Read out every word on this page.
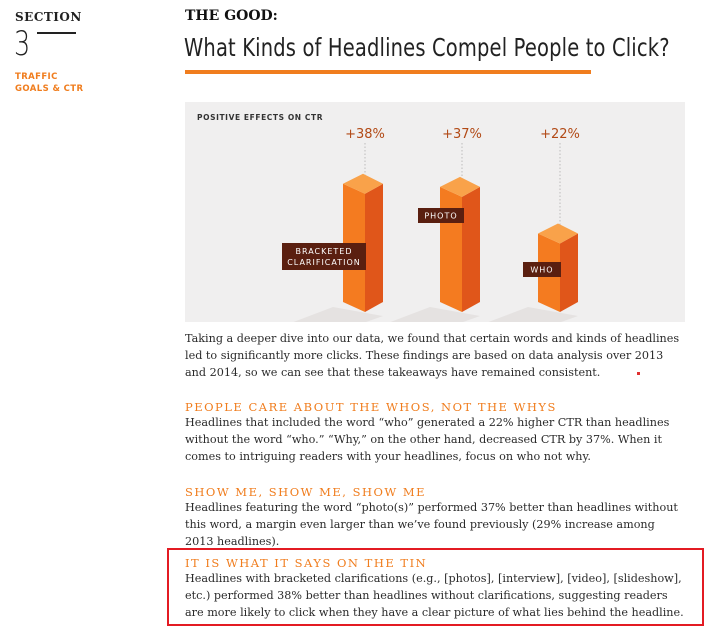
SECTION
3
TRAFFIC
GOALS & CTR
THE GOOD:
What Kinds of Headlines Compel People to Click?
POSITIVE EFFECTS ON CTR
+38%
BRACKETED
CLARIFICATION
+37%
PHOTO
+22%
WHO

Taking a deeper dive into our data, we found that certain words and kinds of headlines led to significantly more clicks. These findings are based on data analysis over 2013 and 2014, so we can see that these takeaways have remained consistent.

PEOPLE CARE ABOUT THE WHOS, NOT THE WHYS

Headlines that included the word “who” generated a 22% higher CTR than headlines without the word “who.” “Why,” on the other hand, decreased CTR by 37%. When it comes to intriguing readers with your headlines, focus on who not why.

SHOW ME, SHOW ME, SHOW ME

Headlines featuring the word “photo(s)” performed 37% better than headlines without this word, a margin even larger than we’ve found previously (29% increase among 2013 headlines).

IT IS WHAT IT SAYS ON THE TIN

Headlines with bracketed clarifications (e.g., [photos], [interview], [video], [slideshow], etc.) performed 38% better than headlines without clarifications, suggesting readers are more likely to click when they have a clear picture of what lies behind the headline.
